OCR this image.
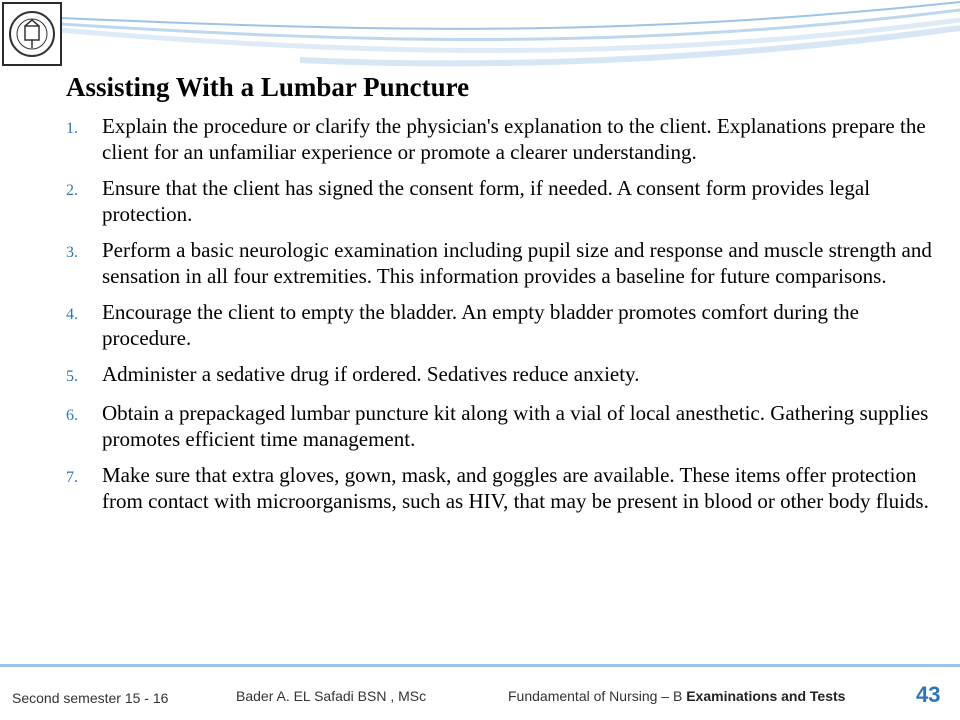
Assisting With a Lumbar Puncture
1.	Explain the procedure or clarify the physician's explanation to the client. Explanations prepare the client for an unfamiliar experience or promote a clearer understanding.
2.	Ensure that the client has signed the consent form, if needed. A consent form provides legal protection.
3.	Perform a basic neurologic examination including pupil size and response and muscle strength and sensation in all four extremities. This information provides a baseline for future comparisons.
4.	Encourage the client to empty the bladder. An empty bladder promotes comfort during the procedure.
5.	Administer a sedative drug if ordered. Sedatives reduce anxiety.
6.	Obtain a prepackaged lumbar puncture kit along with a vial of local anesthetic. Gathering supplies promotes efficient time management.
7.	Make sure that extra gloves, gown, mask, and goggles are available. These items offer protection from contact with microorganisms, such as HIV, that may be present in blood or other body fluids.
Second semester 15 - 16	Bader A. EL Safadi BSN , MSc	Fundamental of Nursing – B Examinations and Tests	43
